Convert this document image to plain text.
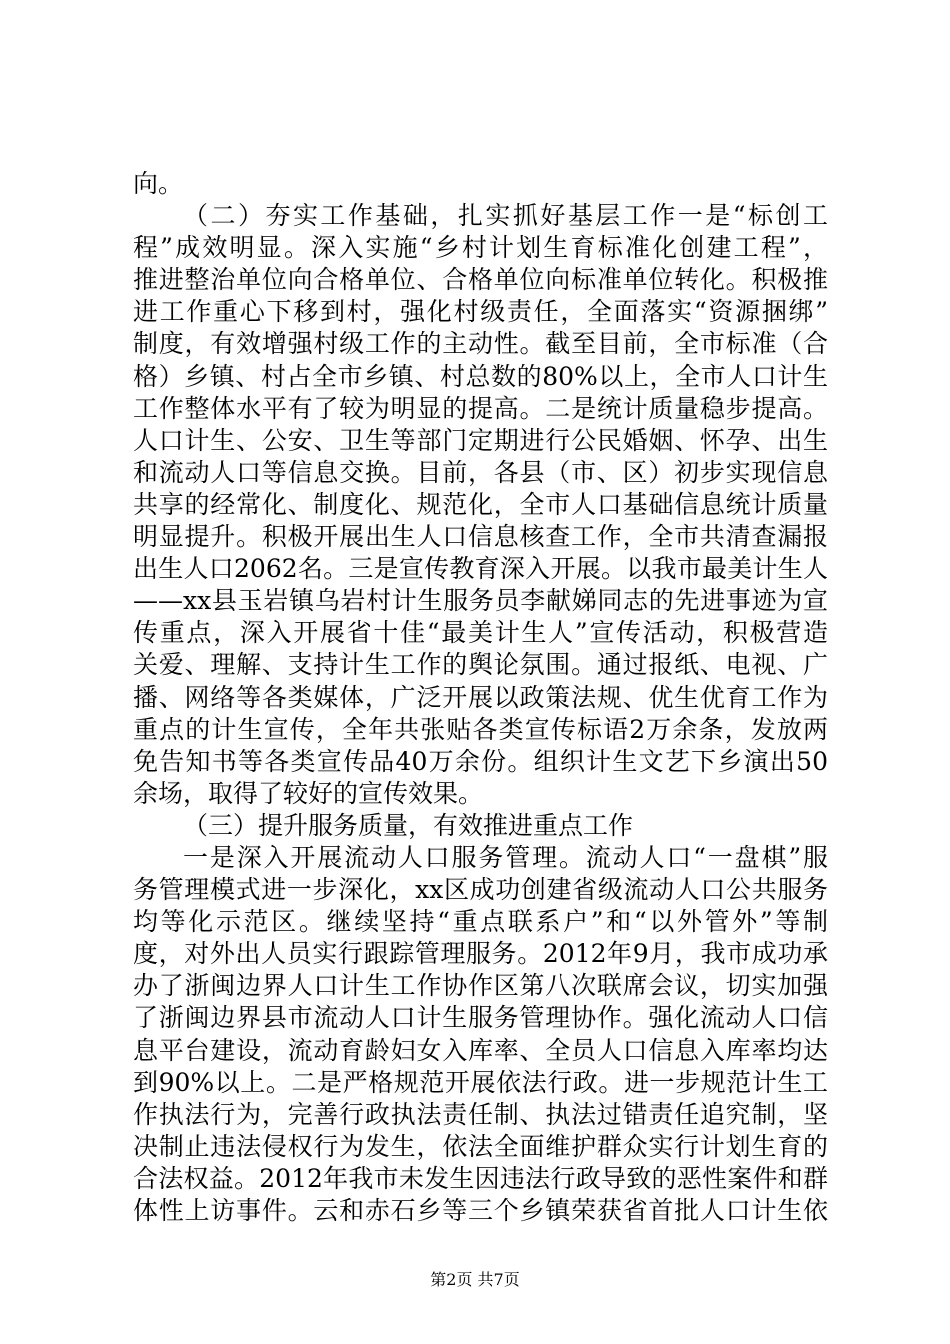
向。
（二）夯实工作基础，扎实抓好基层工作一是“标创工
程”成效明显。深入实施“乡村计划生育标准化创建工程”，
推进整治单位向合格单位、合格单位向标准单位转化。积极推
进工作重心下移到村，强化村级责任，全面落实“资源捆绑”
制度，有效增强村级工作的主动性。截至目前，全市标准（合
格）乡镇、村占全市乡镇、村总数的80%以上，全市人口计生
工作整体水平有了较为明显的提高。二是统计质量稳步提高。
人口计生、公安、卫生等部门定期进行公民婚姻、怀孕、出生
和流动人口等信息交换。目前，各县（市、区）初步实现信息
共享的经常化、制度化、规范化，全市人口基础信息统计质量
明显提升。积极开展出生人口信息核查工作，全市共清查漏报
出生人口2062名。三是宣传教育深入开展。以我市最美计生人
——xx县玉岩镇乌岩村计生服务员李献娣同志的先进事迹为宣
传重点，深入开展省十佳“最美计生人”宣传活动，积极营造
关爱、理解、支持计生工作的舆论氛围。通过报纸、电视、广
播、网络等各类媒体，广泛开展以政策法规、优生优育工作为
重点的计生宣传，全年共张贴各类宣传标语2万余条，发放两
免告知书等各类宣传品40万余份。组织计生文艺下乡演出50
余场，取得了较好的宣传效果。
（三）提升服务质量，有效推进重点工作
一是深入开展流动人口服务管理。流动人口“一盘棋”服
务管理模式进一步深化，xx区成功创建省级流动人口公共服务
均等化示范区。继续坚持“重点联系户”和“以外管外”等制
度，对外出人员实行跟踪管理服务。2012年9月，我市成功承
办了浙闽边界人口计生工作协作区第八次联席会议，切实加强
了浙闽边界县市流动人口计生服务管理协作。强化流动人口信
息平台建设，流动育龄妇女入库率、全员人口信息入库率均达
到90%以上。二是严格规范开展依法行政。进一步规范计生工
作执法行为，完善行政执法责任制、执法过错责任追究制，坚
决制止违法侵权行为发生，依法全面维护群众实行计划生育的
合法权益。2012年我市未发生因违法行政导致的恶性案件和群
体性上访事件。云和赤石乡等三个乡镇荣获省首批人口计生依
第2页 共7页
